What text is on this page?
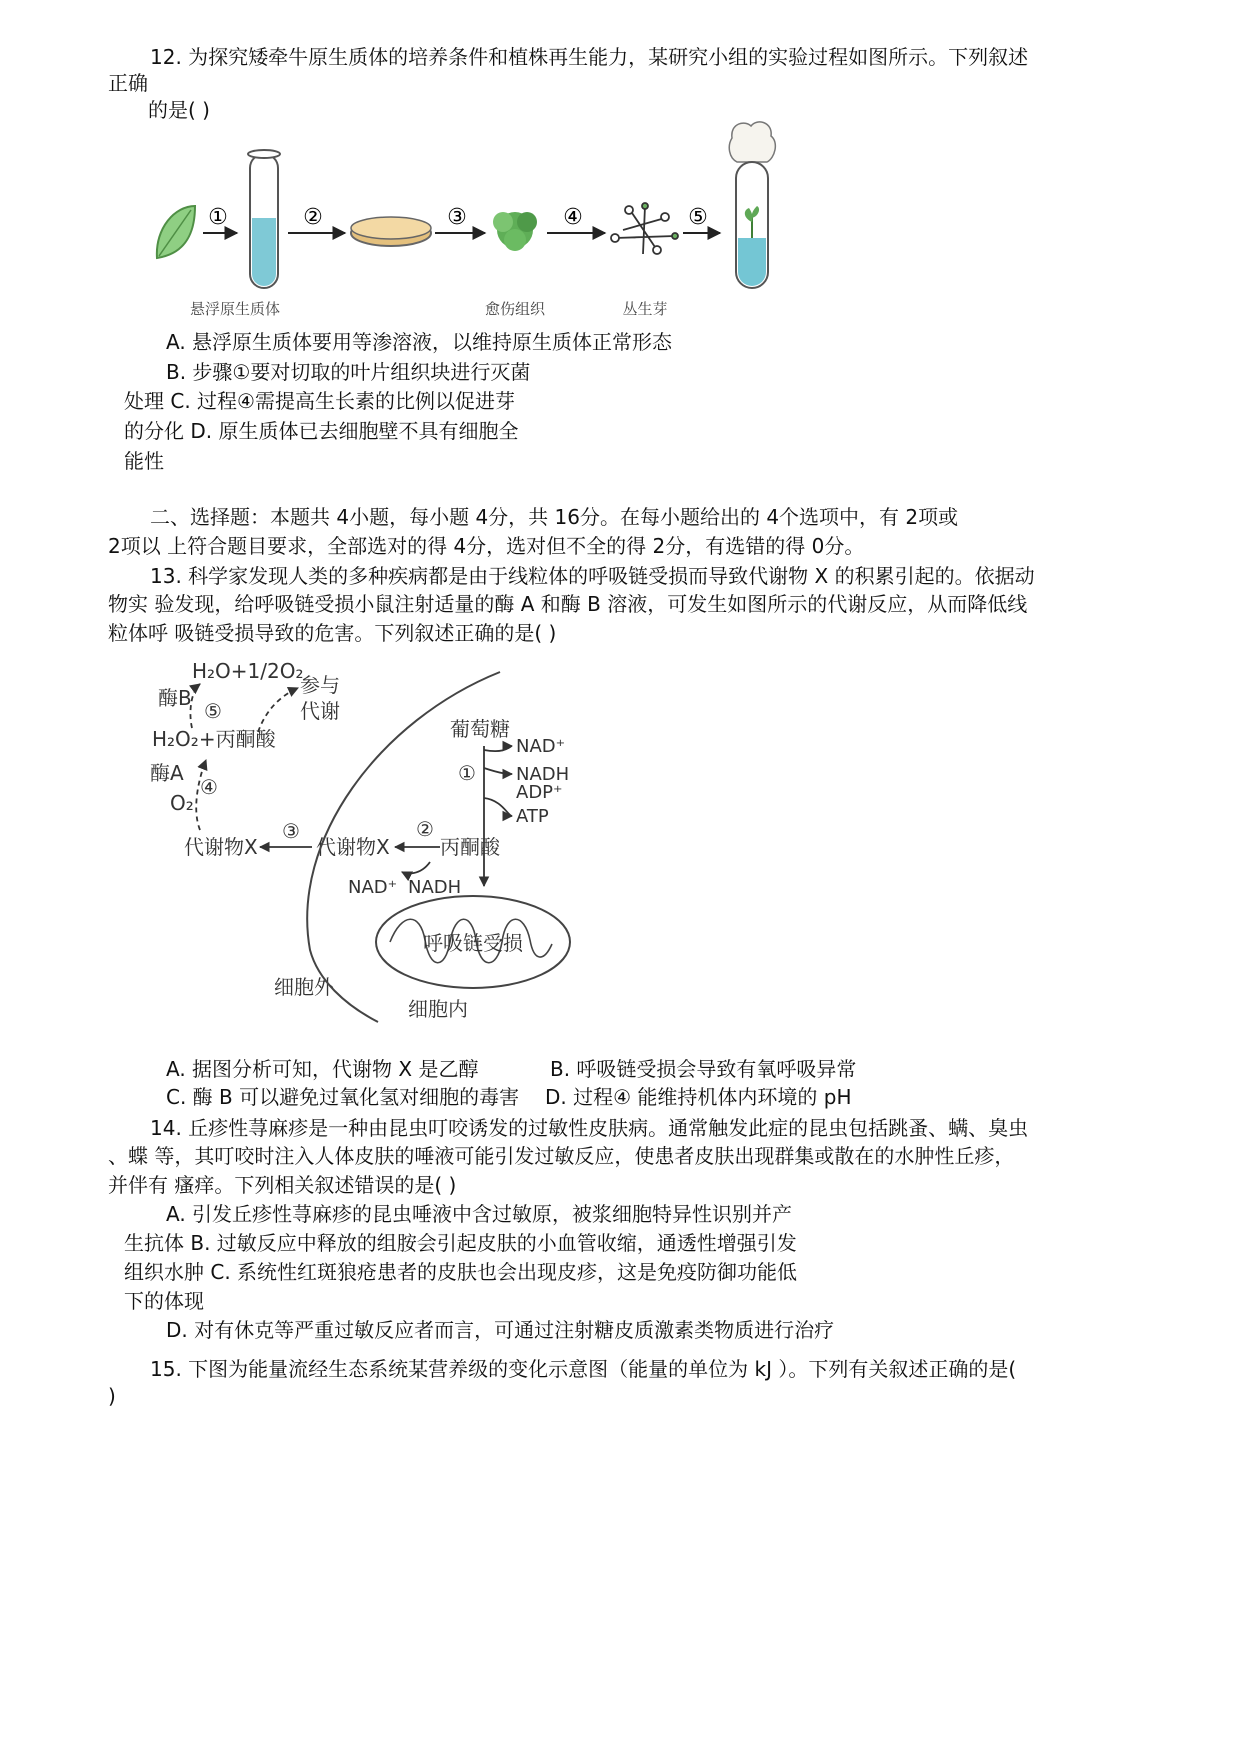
12. 为探究矮牵牛原生质体的培养条件和植株再生能力，某研究小组的实验过程如图所示。下列叙述
正确
的是( )
①	②	③	④	⑤
悬浮原生质体	愈伤组织	丛生芽
A. 悬浮原生质体要用等渗溶液，以维持原生质体正常形态
B. 步骤①要对切取的叶片组织块进行灭菌
处理 C. 过程④需提高生长素的比例以促进芽
的分化 D. 原生质体已去细胞壁不具有细胞全
能性
二、选择题：本题共 4小题，每小题 4分，共 16分。在每小题给出的 4个选项中，有 2项或
2项以 上符合题目要求，全部选对的得 4分，选对但不全的得 2分，有选错的得 0分。
13. 科学家发现人类的多种疾病都是由于线粒体的呼吸链受损而导致代谢物 X 的积累引起的。依据动
物实 验发现，给呼吸链受损小鼠注射适量的酶 A 和酶 B 溶液，可发生如图所示的代谢反应，从而降低线
粒体呼 吸链受损导致的危害。下列叙述正确的是( )
H₂O+1/2O₂
酶B
⑤
参与
代谢
H₂O₂+丙酮酸
酶A
④
O₂
代谢物X
③
代谢物X
②
丙酮酸
NAD⁺ NADH
葡萄糖
①
NAD⁺
NADH
ADP⁺
ATP
细胞外
细胞内
呼吸链受损
A. 据图分析可知，代谢物 X 是乙醇	B. 呼吸链受损会导致有氧呼吸异常
C. 酶 B 可以避免过氧化氢对细胞的毒害 D. 过程④ 能维持机体内环境的 pH
14. 丘疹性荨麻疹是一种由昆虫叮咬诱发的过敏性皮肤病。通常触发此症的昆虫包括跳蚤、螨、臭虫
、蝶 等，其叮咬时注入人体皮肤的唾液可能引发过敏反应，使患者皮肤出现群集或散在的水肿性丘疹，
并伴有 瘙痒。下列相关叙述错误的是( )
A. 引发丘疹性荨麻疹的昆虫唾液中含过敏原，被浆细胞特异性识别并产
生抗体 B. 过敏反应中释放的组胺会引起皮肤的小血管收缩，通透性增强引发
组织水肿 C. 系统性红斑狼疮患者的皮肤也会出现皮疹，这是免疫防御功能低
下的体现
D. 对有休克等严重过敏反应者而言，可通过注射糖皮质激素类物质进行治疗
15. 下图为能量流经生态系统某营养级的变化示意图（能量的单位为 kJ ）。下列有关叙述正确的是(
)
